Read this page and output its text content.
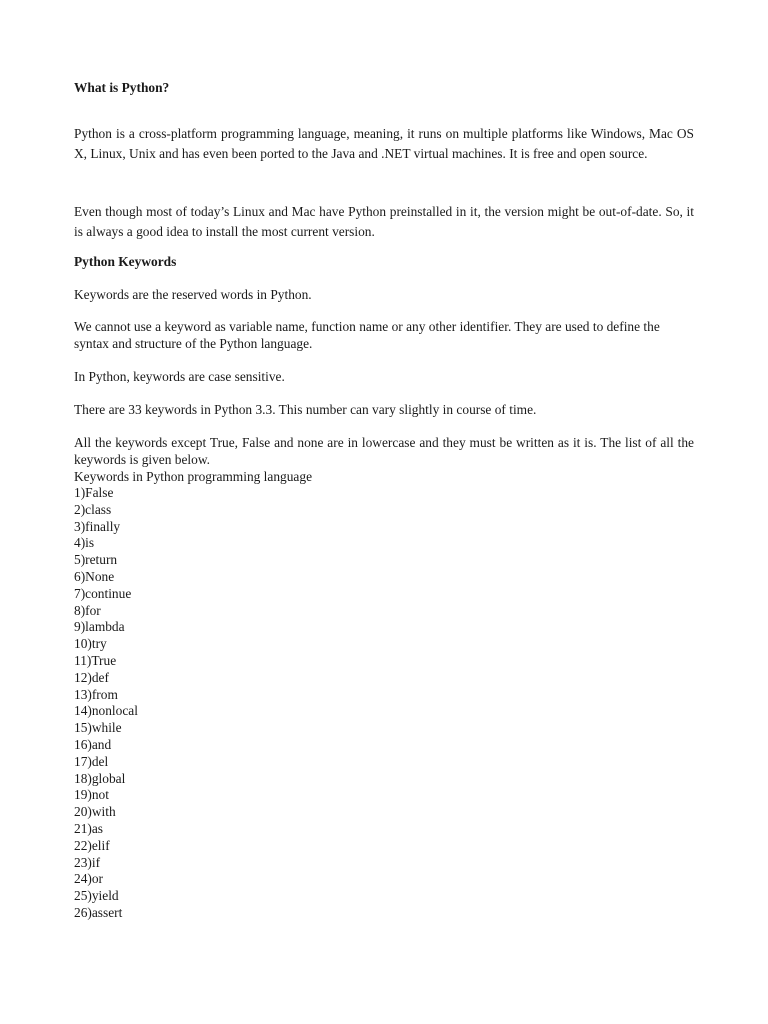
What is Python?

Python is a cross-platform programming language, meaning, it runs on multiple platforms like Windows, Mac OS X, Linux, Unix and has even been ported to the Java and .NET virtual machines. It is free and open source.

Even though most of today’s Linux and Mac have Python preinstalled in it, the version might be out-of-date. So, it is always a good idea to install the most current version.

Python Keywords

Keywords are the reserved words in Python.

We cannot use a keyword as variable name, function name or any other identifier. They are used to define the syntax and structure of the Python language.

In Python, keywords are case sensitive.

There are 33 keywords in Python 3.3. This number can vary slightly in course of time.

All the keywords except True, False and none are in lowercase and they must be written as it is. The list of all the keywords is given below.

Keywords in Python programming language

1)False
2)class
3)finally
4)is
5)return
6)None
7)continue
8)for
9)lambda
10)try
11)True
12)def
13)from
14)nonlocal
15)while
16)and
17)del
18)global
19)not
20)with
21)as
22)elif
23)if
24)or
25)yield
26)assert
